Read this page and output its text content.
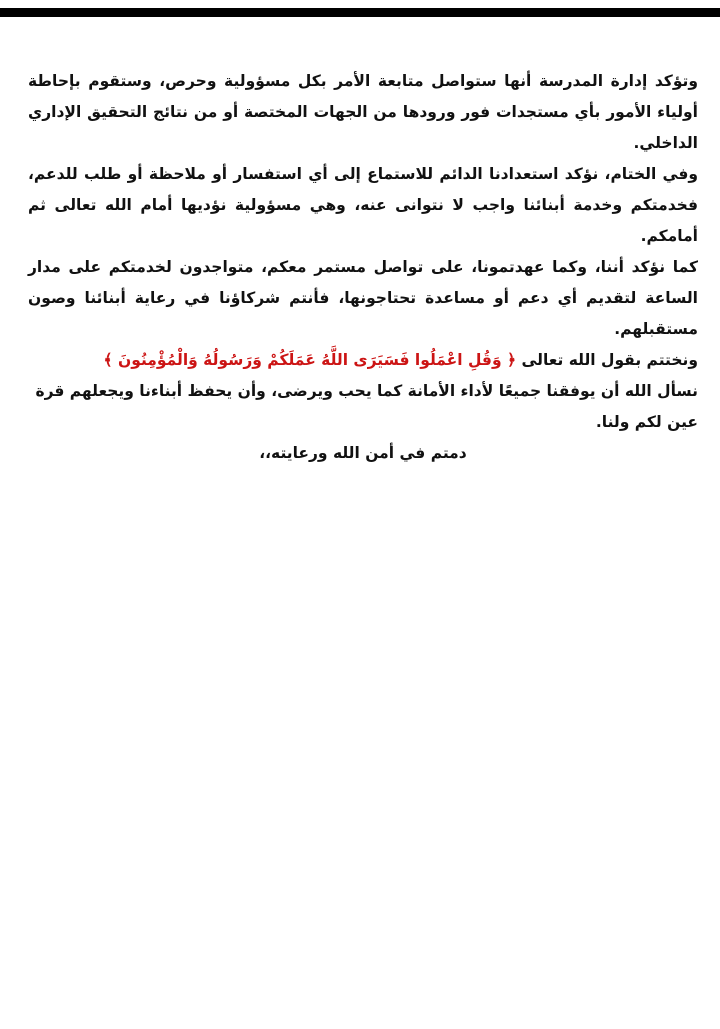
وتؤكد إدارة المدرسة أنها ستواصل متابعة الأمر بكل مسؤولية وحرص، وستقوم بإحاطة أولياء الأمور بأي مستجدات فور ورودها من الجهات المختصة أو من نتائج التحقيق الإداري الداخلي.

وفي الختام، نؤكد استعدادنا الدائم للاستماع إلى أي استفسار أو ملاحظة أو طلب للدعم، فخدمتكم وخدمة أبنائنا واجب لا نتوانى عنه، وهي مسؤولية نؤديها أمام الله تعالى ثم أمامكم.

كما نؤكد أننا، وكما عهدتمونا، على تواصل مستمر معكم، متواجدون لخدمتكم على مدار الساعة لتقديم أي دعم أو مساعدة تحتاجونها، فأنتم شركاؤنا في رعاية أبنائنا وصون مستقبلهم.

ونختتم بقول الله تعالى ﴿ وَقُلِ اعْمَلُوا فَسَيَرَى اللَّهُ عَمَلَكُمْ وَرَسُولُهُ وَالْمُؤْمِنُونَ ﴾

نسأل الله أن يوفقنا جميعًا لأداء الأمانة كما يحب ويرضى، وأن يحفظ أبناءنا ويجعلهم قرة عين لكم ولنا.

دمتم في أمن الله ورعايته،،
